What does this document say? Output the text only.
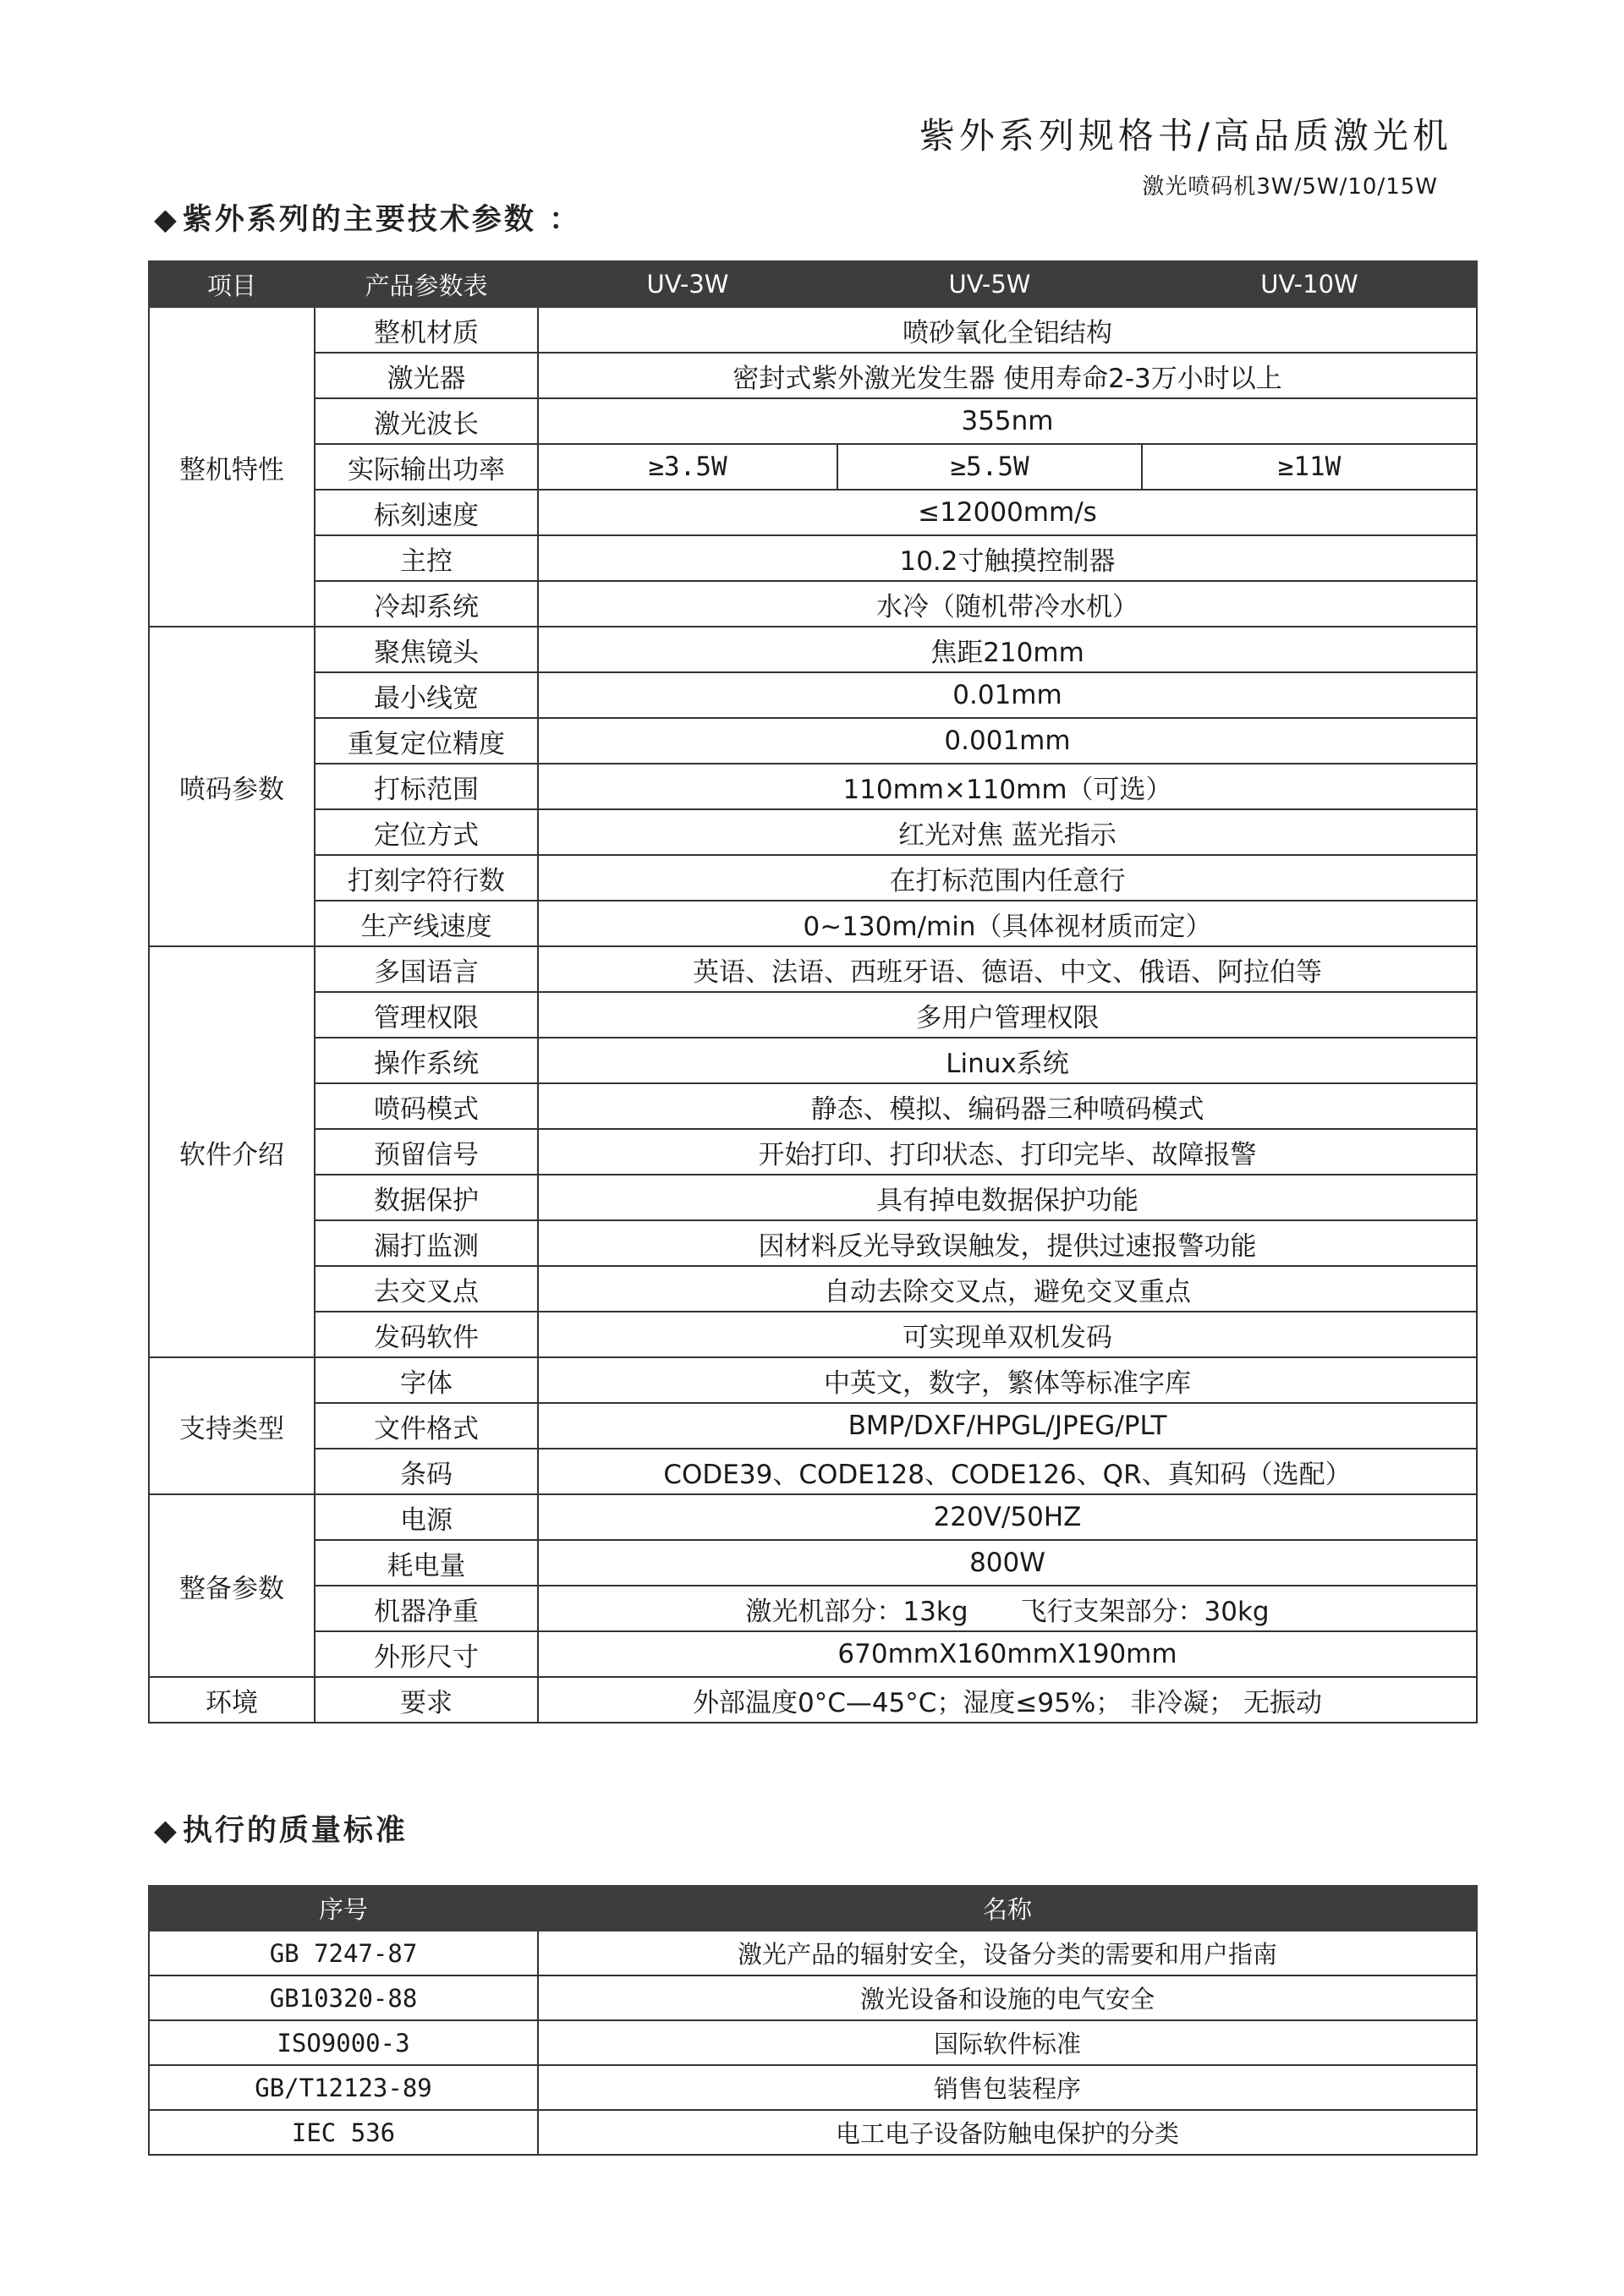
紫外系列规格书/高品质激光机
激光喷码机3W/5W/10/15W
◆ 紫外系列的主要技术参数 ：
项目	产品参数表	UV-3W	UV-5W	UV-10W
整机特性	整机材质	喷砂氧化全铝结构		
	激光器	密封式紫外激光发生器 使用寿命2-3万小时以上		
	激光波长	355nm		
	实际输出功率	≥3.5W	≥5.5W	≥11W
	标刻速度	≤12000mm/s		
	主控	10.2寸触摸控制器		
	冷却系统	水冷（随机带冷水机）		
喷码参数	聚焦镜头	焦距210mm		
	最小线宽	0.01mm		
	重复定位精度	0.001mm		
	打标范围	110mm×110mm（可选）		
	定位方式	红光对焦 蓝光指示		
	打刻字符行数	在打标范围内任意行		
	生产线速度	0~130m/min（具体视材质而定）		
软件介绍	多国语言	英语、法语、西班牙语、德语、中文、俄语、阿拉伯等		
	管理权限	多用户管理权限		
	操作系统	Linux系统		
	喷码模式	静态、模拟、编码器三种喷码模式		
	预留信号	开始打印、打印状态、打印完毕、故障报警		
	数据保护	具有掉电数据保护功能		
	漏打监测	因材料反光导致误触发，提供过速报警功能		
	去交叉点	自动去除交叉点，避免交叉重点		
	发码软件	可实现单双机发码		
支持类型	字体	中英文，数字，繁体等标准字库		
	文件格式	BMP/DXF/HPGL/JPEG/PLT		
	条码	CODE39、CODE128、CODE126、QR、真知码（选配）		
整备参数	电源	220V/50HZ		
	耗电量	800W		
	机器净重	激光机部分：13kg　　飞行支架部分：30kg		
	外形尺寸	670mmX160mmX190mm		
环境	要求	外部温度0°C—45°C；湿度≤95%； 非冷凝； 无振动		
◆ 执行的质量标准
序号	名称
GB 7247-87	激光产品的辐射安全，设备分类的需要和用户指南
GB10320-88	激光设备和设施的电气安全
ISO9000-3	国际软件标准
GB/T12123-89	销售包装程序
IEC 536	电工电子设备防触电保护的分类
